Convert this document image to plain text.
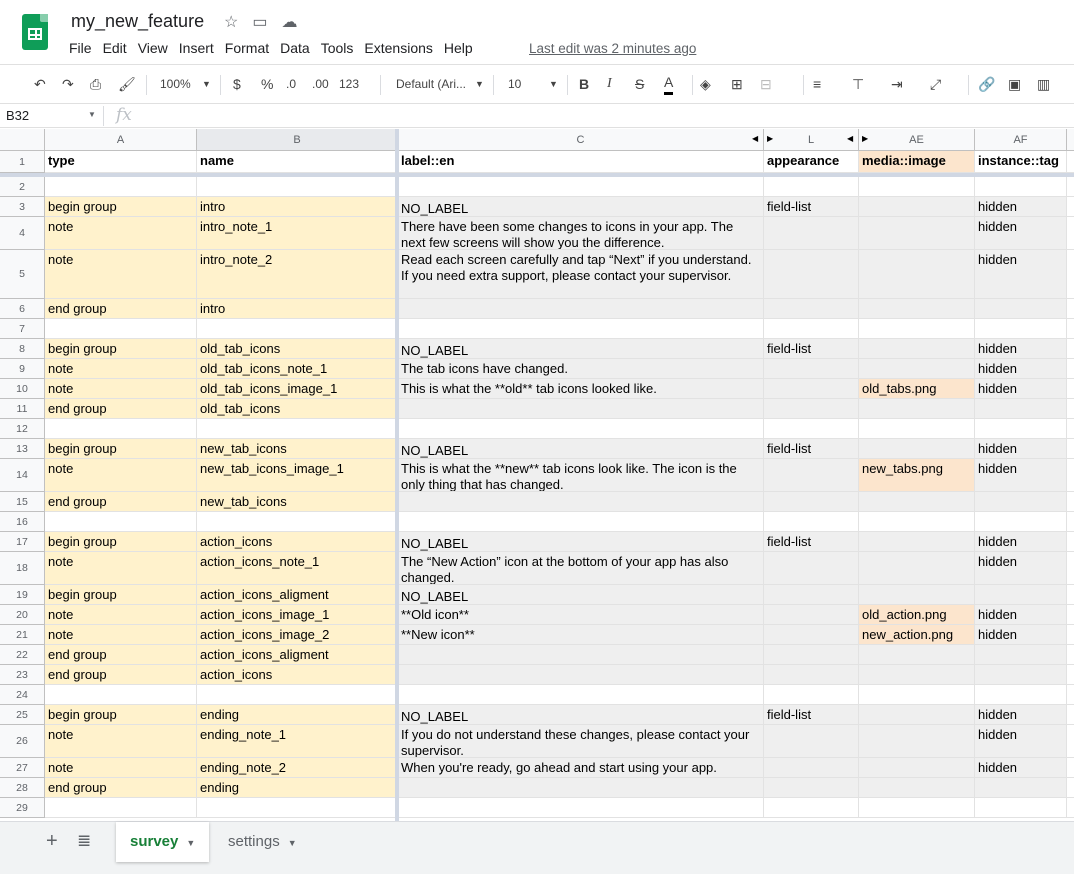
my_new_feature ☆ ▭ ☁
File Edit View Insert Format Data Tools Extensions Help	Last edit was 2 minutes ago
↶ ↷ ⎙ 🖌 100% ▼ $ % .0 .00 123	Default (Ari... ▼ 10	▼ B I S A ◈ ⊞ ⊟	≡ ⊤ ⇥ ⤢	🔗 ▣ ▥
B32	▼ fx
A	B	C	L	AE	AF
1	type	name	label::en	appearance	media::image	instance::tag
2
3	begin group	intro	NO_LABEL	field-list	hidden
4	note	intro_note_1	There have been some changes to icons in your app. The next few screens will show you the difference.
hidden
5
note	intro_note_2	Read each screen carefully and tap “Next” if you understand. If you need extra support, please contact your supervisor.
hidden
6	end group	intro
7
8	begin group	old_tab_icons	NO_LABEL	field-list	hidden
9	note	old_tab_icons_note_1	The tab icons have changed.	hidden
10	note	old_tab_icons_image_1	This is what the **old** tab icons looked like.	old_tabs.png	hidden
11	end group	old_tab_icons
12
13	begin group	new_tab_icons	NO_LABEL	field-list	hidden
14	note	new_tab_icons_image_1	This is what the **new** tab icons look like. The icon is the only thing that has changed.
new_tabs.png	hidden
15	end group	new_tab_icons
16
17	begin group	action_icons	NO_LABEL	field-list	hidden
18	note	action_icons_note_1	The “New Action” icon at the bottom of your app has also changed.
hidden
19	begin group	action_icons_aligment	NO_LABEL
20	note	action_icons_image_1	**Old icon**	old_action.png	hidden
21	note	action_icons_image_2	**New icon**	new_action.png	hidden
22	end group	action_icons_aligment
23	end group	action_icons
24
25	begin group	ending	NO_LABEL	field-list	hidden
26	note	ending_note_1	If you do not understand these changes, please contact your supervisor.
hidden
27	note	ending_note_2	When you're ready, go ahead and start using your app.	hidden
28	end group	ending
29
◀ ▶	◀ ▶
+ ≣	survey ▼	settings ▼
